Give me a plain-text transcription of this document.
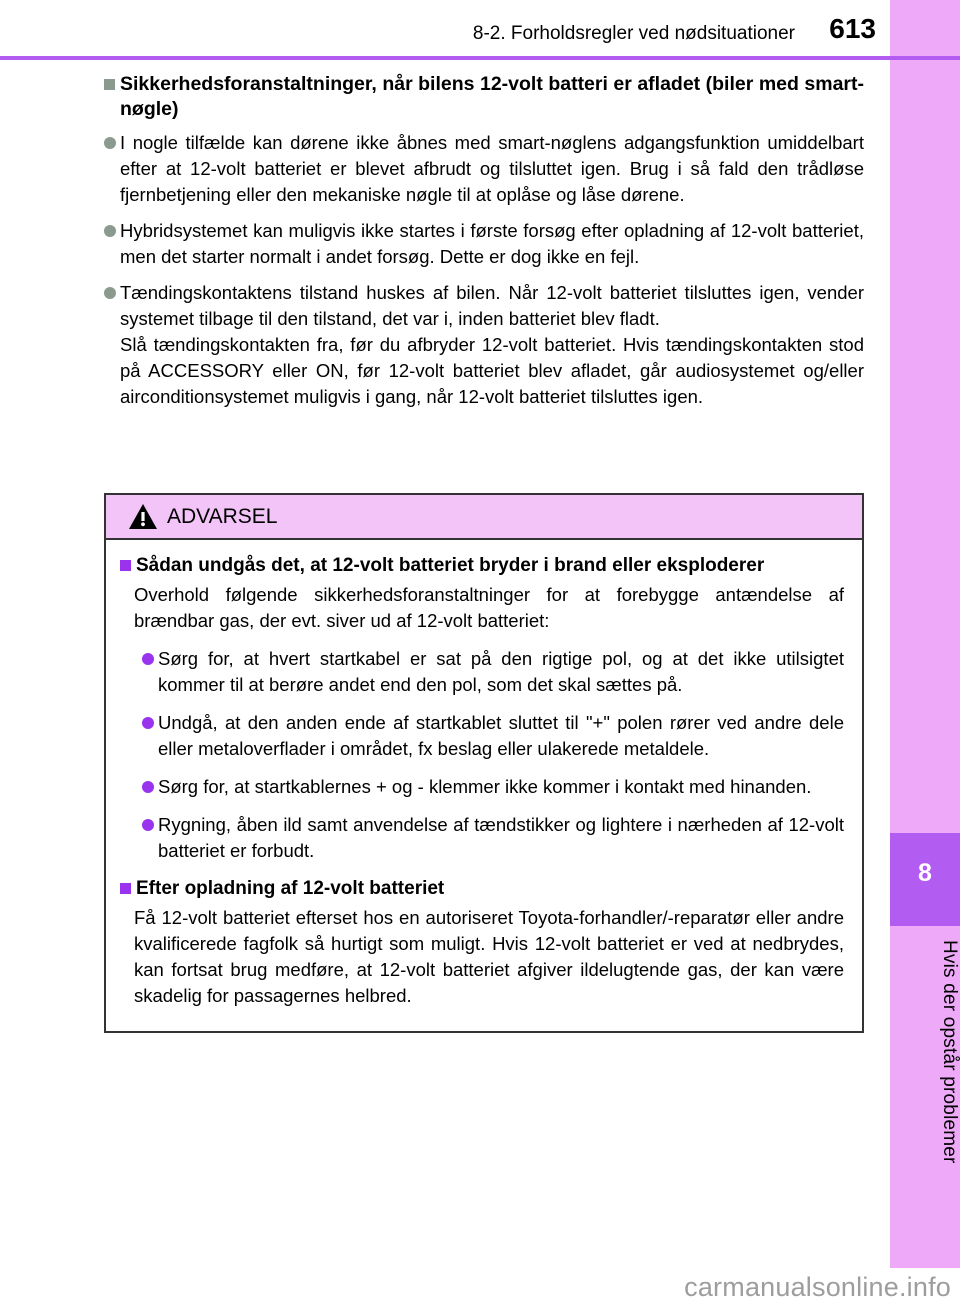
8
Hvis der opstår problemer
8-2. Forholdsregler ved nødsituationer 613
Sikkerhedsforanstaltninger, når bilens 12-volt batteri er afladet (biler med smart-nøgle)
I nogle tilfælde kan dørene ikke åbnes med smart-nøglens adgangsfunktion umiddelbart efter at 12-volt batteriet er blevet afbrudt og tilsluttet igen. Brug i så fald den trådløse fjernbetjening eller den mekaniske nøgle til at oplåse og låse dørene.
Hybridsystemet kan muligvis ikke startes i første forsøg efter opladning af 12-volt batteriet, men det starter normalt i andet forsøg. Dette er dog ikke en fejl.
Tændingskontaktens tilstand huskes af bilen. Når 12-volt batteriet tilsluttes igen, vender systemet tilbage til den tilstand, det var i, inden batteriet blev fladt.
Slå tændingskontakten fra, før du afbryder 12-volt batteriet. Hvis tændingskontakten stod på ACCESSORY eller ON, før 12-volt batteriet blev afladet, går audiosystemet og/eller airconditionsystemet muligvis i gang, når 12-volt batteriet tilsluttes igen.
ADVARSEL
Sådan undgås det, at 12-volt batteriet bryder i brand eller eksploderer
Overhold følgende sikkerhedsforanstaltninger for at forebygge antændelse af brændbar gas, der evt. siver ud af 12-volt batteriet:
Sørg for, at hvert startkabel er sat på den rigtige pol, og at det ikke utilsigtet kommer til at berøre andet end den pol, som det skal sættes på.
Undgå, at den anden ende af startkablet sluttet til "+" polen rører ved andre dele eller metaloverflader i området, fx beslag eller ulakerede metaldele.
Sørg for, at startkablernes + og - klemmer ikke kommer i kontakt med hinanden.
Rygning, åben ild samt anvendelse af tændstikker og lightere i nærheden af 12-volt batteriet er forbudt.
Efter opladning af 12-volt batteriet
Få 12-volt batteriet efterset hos en autoriseret Toyota-forhandler/-reparatør eller andre kvalificerede fagfolk så hurtigt som muligt. Hvis 12-volt batteriet er ved at nedbrydes, kan fortsat brug medføre, at 12-volt batteriet afgiver ildelugtende gas, der kan være skadelig for passagernes helbred.
carmanualsonline.info
